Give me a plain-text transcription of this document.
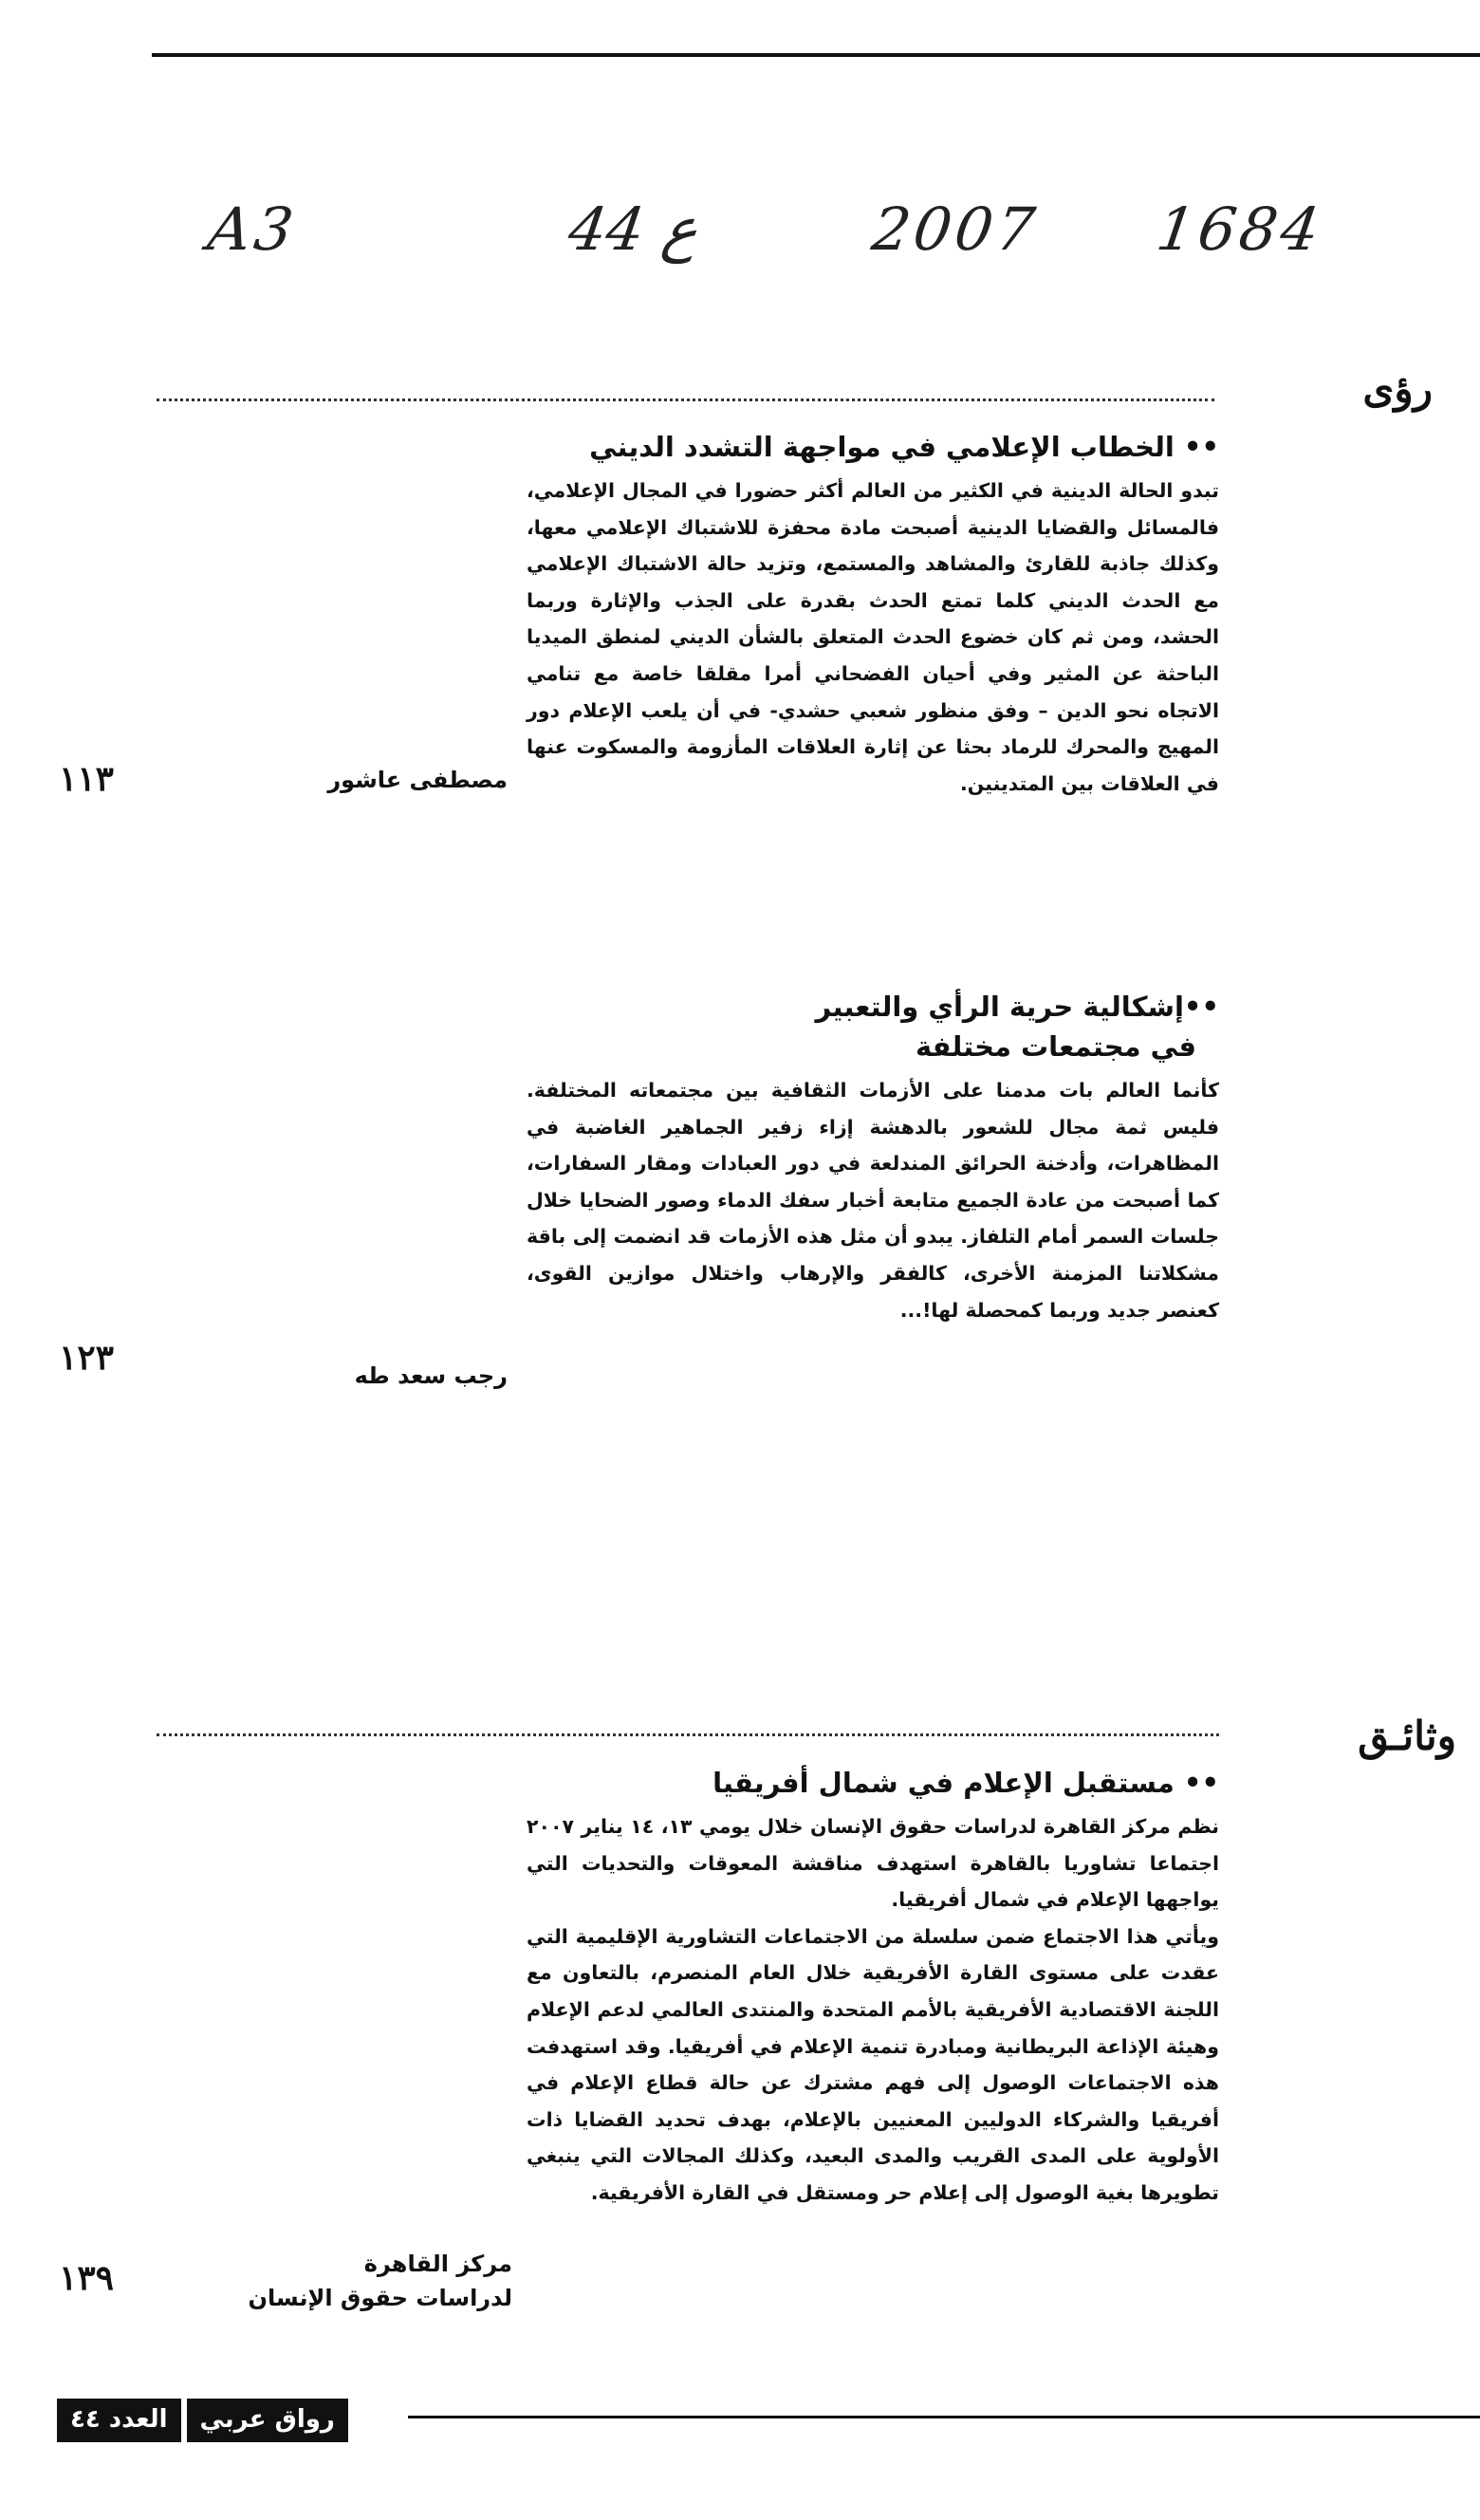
A3	ع 44	2007 1684
رؤى
•• الخطاب الإعلامي في مواجهة التشدد الديني

تبدو الحالة الدينية في الكثير من العالم أكثر حضورا في المجال الإعلامي، فالمسائل والقضايا الدينية أصبحت مادة محفزة للاشتباك الإعلامي معها، وكذلك جاذبة للقارئ والمشاهد والمستمع، وتزيد حالة الاشتباك الإعلامي مع الحدث الديني كلما تمتع الحدث بقدرة على الجذب والإثارة وربما الحشد، ومن ثم كان خضوع الحدث المتعلق بالشأن الديني لمنطق الميديا الباحثة عن المثير وفي أحيان الفضحاني أمرا مقلقا خاصة مع تنامي الاتجاه نحو الدين – وفق منظور شعبي حشدي- في أن يلعب الإعلام دور المهيج والمحرك للرماد بحثا عن إثارة العلاقات المأزومة والمسكوت عنها في العلاقات بين المتدينين.

مصطفى عاشور
١١٣
••إشكالية حرية الرأي والتعبير
في مجتمعات مختلفة

كأنما العالم بات مدمنا على الأزمات الثقافية بين مجتمعاته المختلفة. فليس ثمة مجال للشعور بالدهشة إزاء زفير الجماهير الغاضبة في المظاهرات، وأدخنة الحرائق المندلعة في دور العبادات ومقار السفارات، كما أصبحت من عادة الجميع متابعة أخبار سفك الدماء وصور الضحايا خلال جلسات السمر أمام التلفاز. يبدو أن مثل هذه الأزمات قد انضمت إلى باقة مشكلاتنا المزمنة الأخرى، كالفقر والإرهاب واختلال موازين القوى، كعنصر جديد وربما كمحصلة لها!...

رجب سعد طه
١٢٣
وثائـق
•• مستقبل الإعلام في شمال أفريقيا

نظم مركز القاهرة لدراسات حقوق الإنسان خلال يومي ١٣، ١٤ يناير ٢٠٠٧ اجتماعا تشاوريا بالقاهرة استهدف مناقشة المعوقات والتحديات التي يواجهها الإعلام في شمال أفريقيا.

ويأتي هذا الاجتماع ضمن سلسلة من الاجتماعات التشاورية الإقليمية التي عقدت على مستوى القارة الأفريقية خلال العام المنصرم، بالتعاون مع اللجنة الاقتصادية الأفريقية بالأمم المتحدة والمنتدى العالمي لدعم الإعلام وهيئة الإذاعة البريطانية ومبادرة تنمية الإعلام في أفريقيا. وقد استهدفت هذه الاجتماعات الوصول إلى فهم مشترك عن حالة قطاع الإعلام في أفريقيا والشركاء الدوليين المعنيين بالإعلام، بهدف تحديد القضايا ذات الأولوية على المدى القريب والمدى البعيد، وكذلك المجالات التي ينبغي تطويرها بغية الوصول إلى إعلام حر ومستقل في القارة الأفريقية.

مركز القاهرة
لدراسات حقوق الإنسان
١٣٩
رواق عربي
العدد ٤٤
